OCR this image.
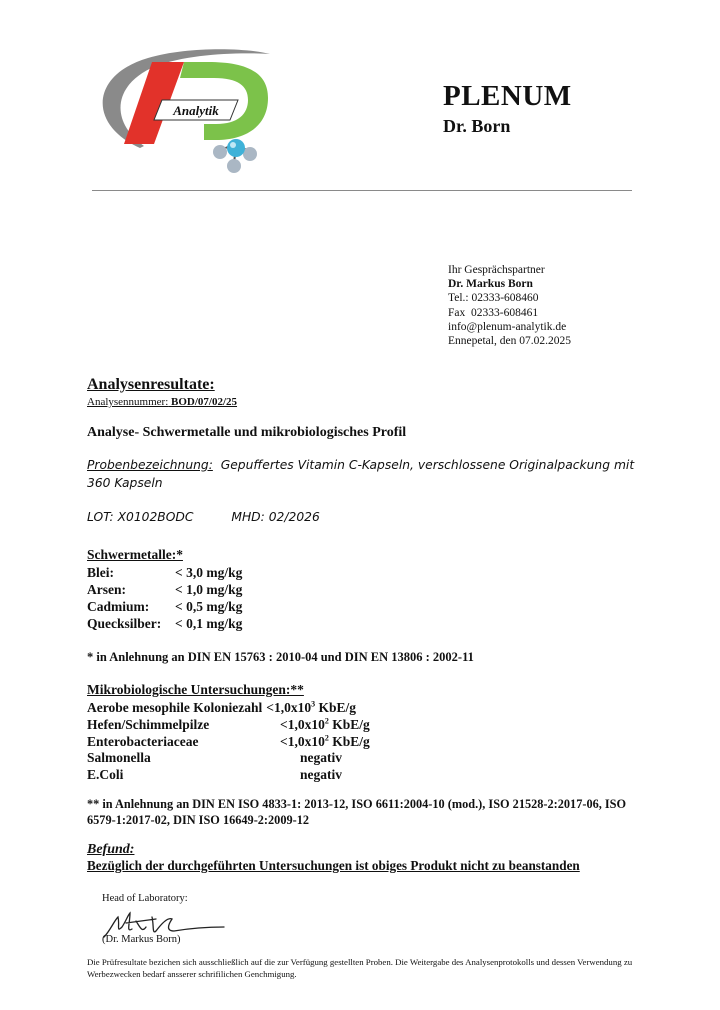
Analytik	PLENUM
Dr. Born
Ihr Gesprächspartner
Dr. Markus Born
Tel.: 02333-608460
Fax  02333-608461
info@plenum-analytik.de
Ennepetal, den 07.02.2025
Analysenresultate:
Analysennummer: BOD/07/02/25
Analyse- Schwermetalle und mikrobiologisches Profil
Probenbezeichnung: Gepuffertes Vitamin C-Kapseln, verschlossene Originalpackung mit 360 Kapseln
LOT: X0102BODC	MHD: 02/2026
Schwermetalle:*
Blei:	< 3,0 mg/kg
Arsen:	< 1,0 mg/kg
Cadmium: < 0,5 mg/kg
Quecksilber: < 0,1 mg/kg
* in Anlehnung an DIN EN 15763 : 2010-04 und DIN EN 13806 : 2002-11
Mikrobiologische Untersuchungen:**
Aerobe mesophile Koloniezahl $<1,0x10^3$ KbE/g
Hefen/Schimmelpilze	$<1,0x10^2$ KbE/g
Enterobacteriaceae	$<1,0x10^2$ KbE/g
Salmonella	negativ
E.Coli	negativ
** in Anlehnung an DIN EN ISO 4833-1: 2013-12, ISO 6611:2004-10 (mod.), ISO 21528-2:2017-06, ISO 6579-1:2017-02, DIN ISO 16649-2:2009-12
Befund:
Bezüglich der durchgeführten Untersuchungen ist obiges Produkt nicht zu beanstanden
Head of Laboratory:
(Dr. Markus Born)
Die Prüfresultate bezichen sich ausschließlich auf die zur Verfügung gestellten Proben. Die Weitergabe des Analysenprotokolls und dessen Verwendung zu Werbezwecken bedarf ansserer schrifilichen Genchmigung.
